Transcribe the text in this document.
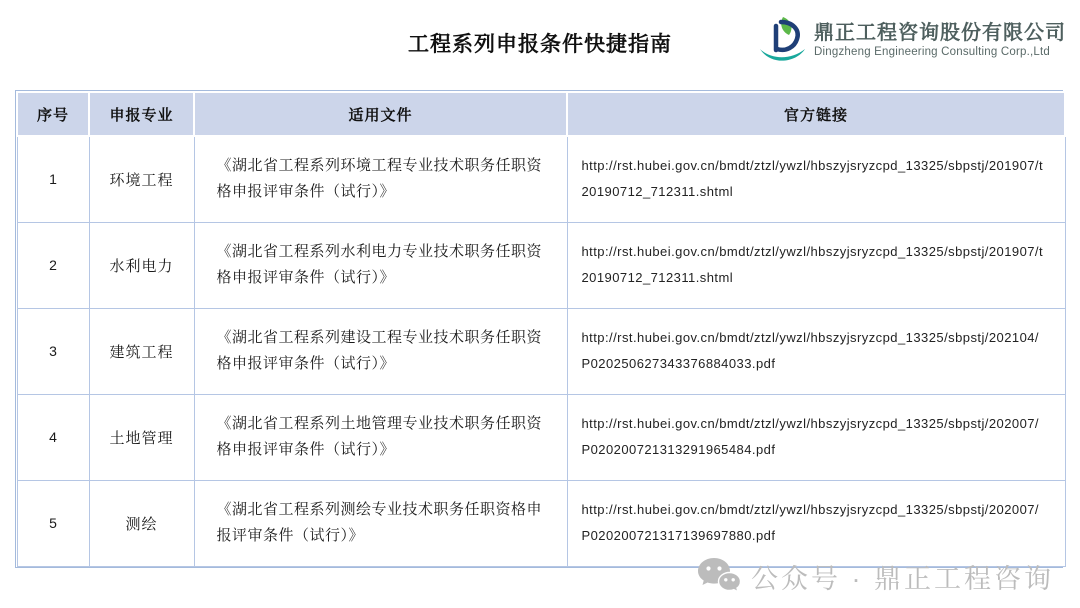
工程系列申报条件快捷指南	鼎正工程咨询股份有限公司
Dingzheng Engineering Consulting Corp.,Ltd
序号	申报专业	适用文件	官方链接
1	环境工程	《湖北省工程系列环境工程专业技术职务任职资格申报评审条件（试行）》	http://rst.hubei.gov.cn/bmdt/ztzl/ywzl/hbszyjsryzcpd_13325/sbpstj/201907/t20190712_712311.shtml
2	水利电力	《湖北省工程系列水利电力专业技术职务任职资格申报评审条件（试行）》	http://rst.hubei.gov.cn/bmdt/ztzl/ywzl/hbszyjsryzcpd_13325/sbpstj/201907/t20190712_712311.shtml
3	建筑工程	《湖北省工程系列建设工程专业技术职务任职资格申报评审条件（试行）》	http://rst.hubei.gov.cn/bmdt/ztzl/ywzl/hbszyjsryzcpd_13325/sbpstj/202104/P020250627343376884033.pdf
4	土地管理	《湖北省工程系列土地管理专业技术职务任职资格申报评审条件（试行）》	http://rst.hubei.gov.cn/bmdt/ztzl/ywzl/hbszyjsryzcpd_13325/sbpstj/202007/P020200721313291965484.pdf
5	测绘	《湖北省工程系列测绘专业技术职务任职资格申报评审条件（试行）》	http://rst.hubei.gov.cn/bmdt/ztzl/ywzl/hbszyjsryzcpd_13325/sbpstj/202007/P020200721317139697880.pdf
公众号 · 鼎正工程咨询
